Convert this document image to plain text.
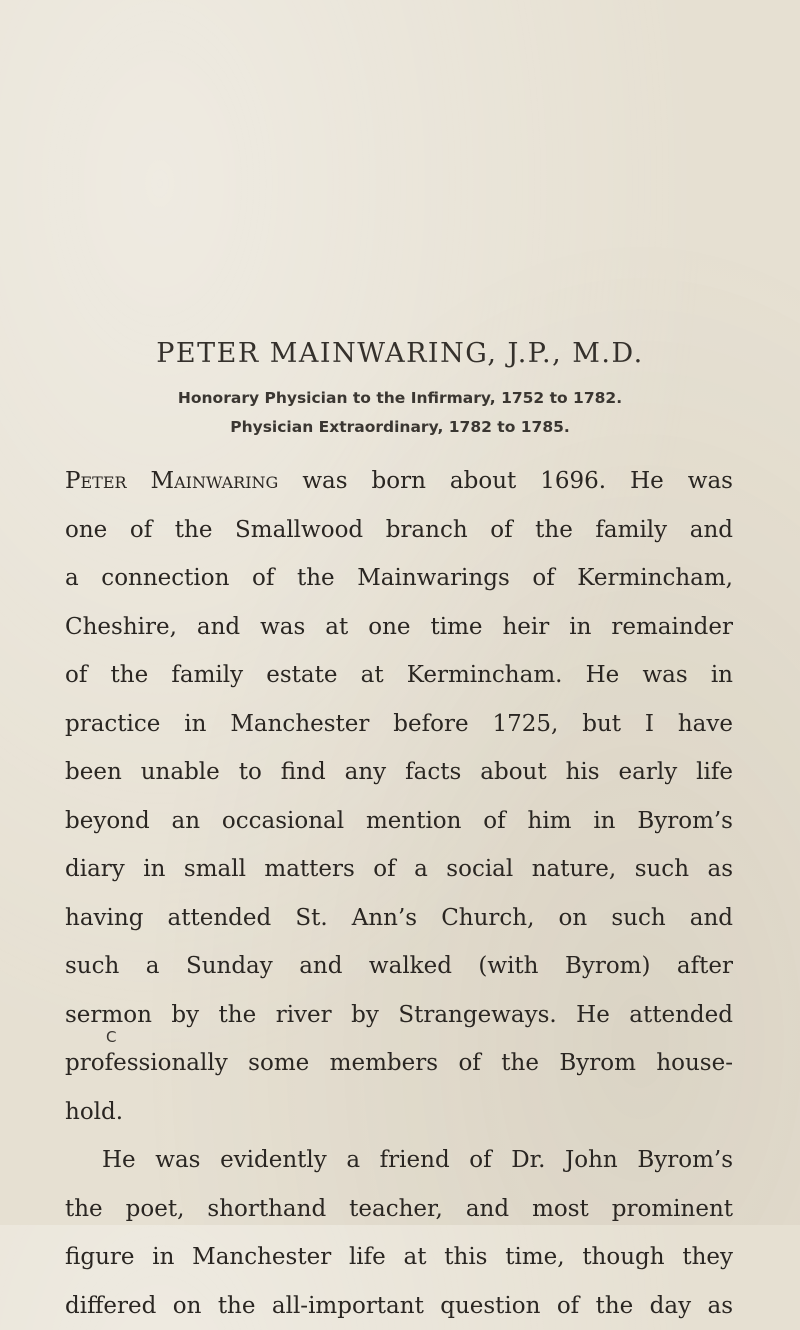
PETER MAINWARING, J.P., M.D.
Honorary Physician to the Infirmary, 1752 to 1782.
Physician Extraordinary, 1782 to 1785.
Peter Mainwaring was born about 1696. He was
one of the Smallwood branch of the family and
a connection of the Mainwarings of Kermincham,
Cheshire, and was at one time heir in remainder
of the family estate at Kermincham. He was in
practice in Manchester before 1725, but I have
been unable to find any facts about his early life
beyond an occasional mention of him in Byrom’s
diary in small matters of a social nature, such as
having attended St. Ann’s Church, on such and
such a Sunday and walked (with Byrom) after
sermon by the river by Strangeways. He attended
professionally some members of the Byrom house-
hold.
He was evidently a friend of Dr. John Byrom’s
the poet, shorthand teacher, and most prominent
figure in Manchester life at this time, though they
differed on the all-important question of the day as
C
